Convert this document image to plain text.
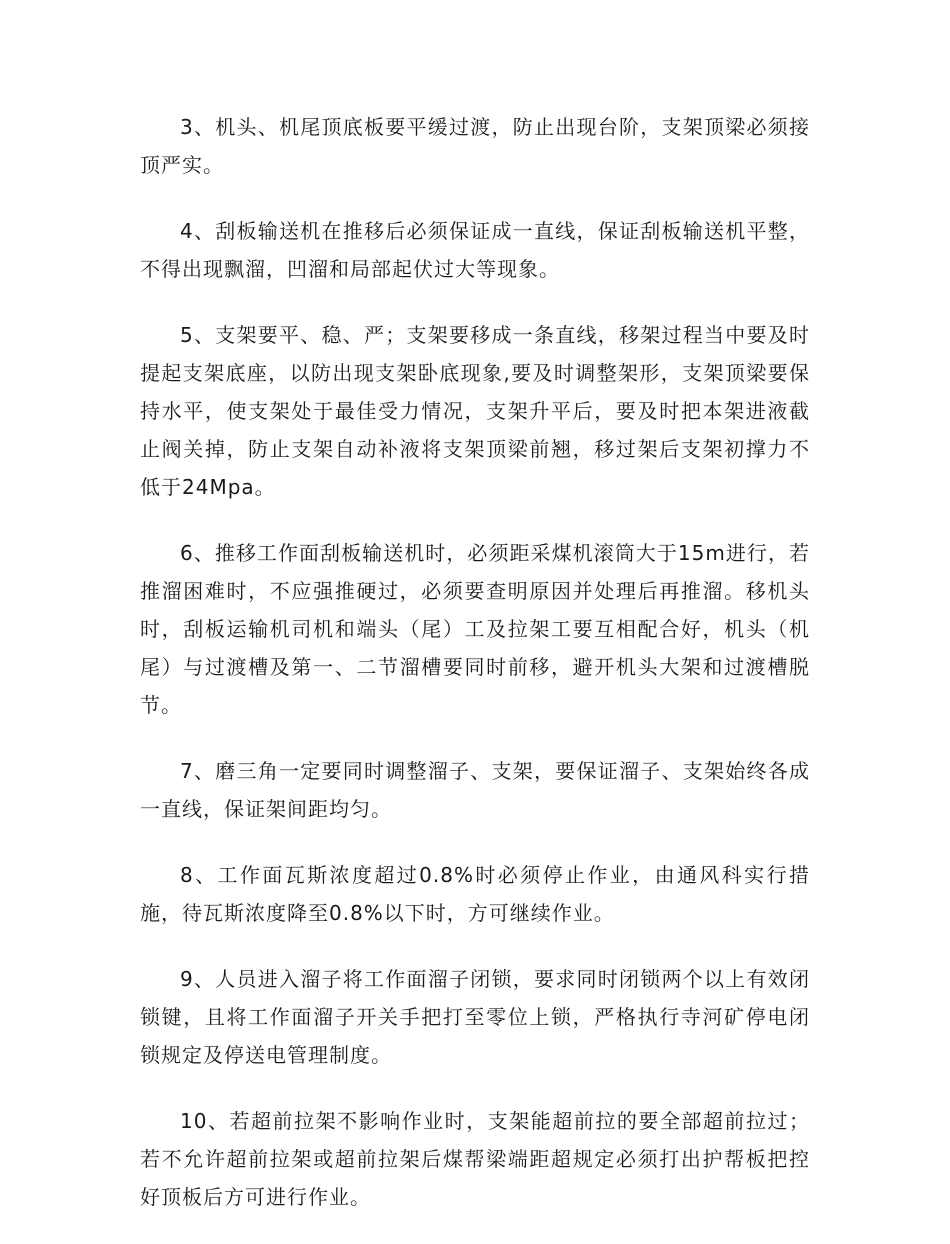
3、机头、机尾顶底板要平缓过渡，防止出现台阶，支架顶梁必须接顶严实。

4、刮板输送机在推移后必须保证成一直线，保证刮板输送机平整，不得出现飘溜，凹溜和局部起伏过大等现象。

5、支架要平、稳、严；支架要移成一条直线，移架过程当中要及时提起支架底座，以防出现支架卧底现象,要及时调整架形，支架顶梁要保持水平，使支架处于最佳受力情况，支架升平后，要及时把本架进液截止阀关掉，防止支架自动补液将支架顶梁前翘，移过架后支架初撑力不低于24Mpa。

6、推移工作面刮板输送机时，必须距采煤机滚筒大于15m进行，若推溜困难时，不应强推硬过，必须要查明原因并处理后再推溜。移机头时，刮板运输机司机和端头（尾）工及拉架工要互相配合好，机头（机尾）与过渡槽及第一、二节溜槽要同时前移，避开机头大架和过渡槽脱节。

7、磨三角一定要同时调整溜子、支架，要保证溜子、支架始终各成一直线，保证架间距均匀。

8、工作面瓦斯浓度超过0.8%时必须停止作业，由通风科实行措施，待瓦斯浓度降至0.8%以下时，方可继续作业。

9、人员进入溜子将工作面溜子闭锁，要求同时闭锁两个以上有效闭锁键，且将工作面溜子开关手把打至零位上锁，严格执行寺河矿停电闭锁规定及停送电管理制度。

10、若超前拉架不影响作业时，支架能超前拉的要全部超前拉过；若不允许超前拉架或超前拉架后煤帮梁端距超规定必须打出护帮板把控好顶板后方可进行作业。
